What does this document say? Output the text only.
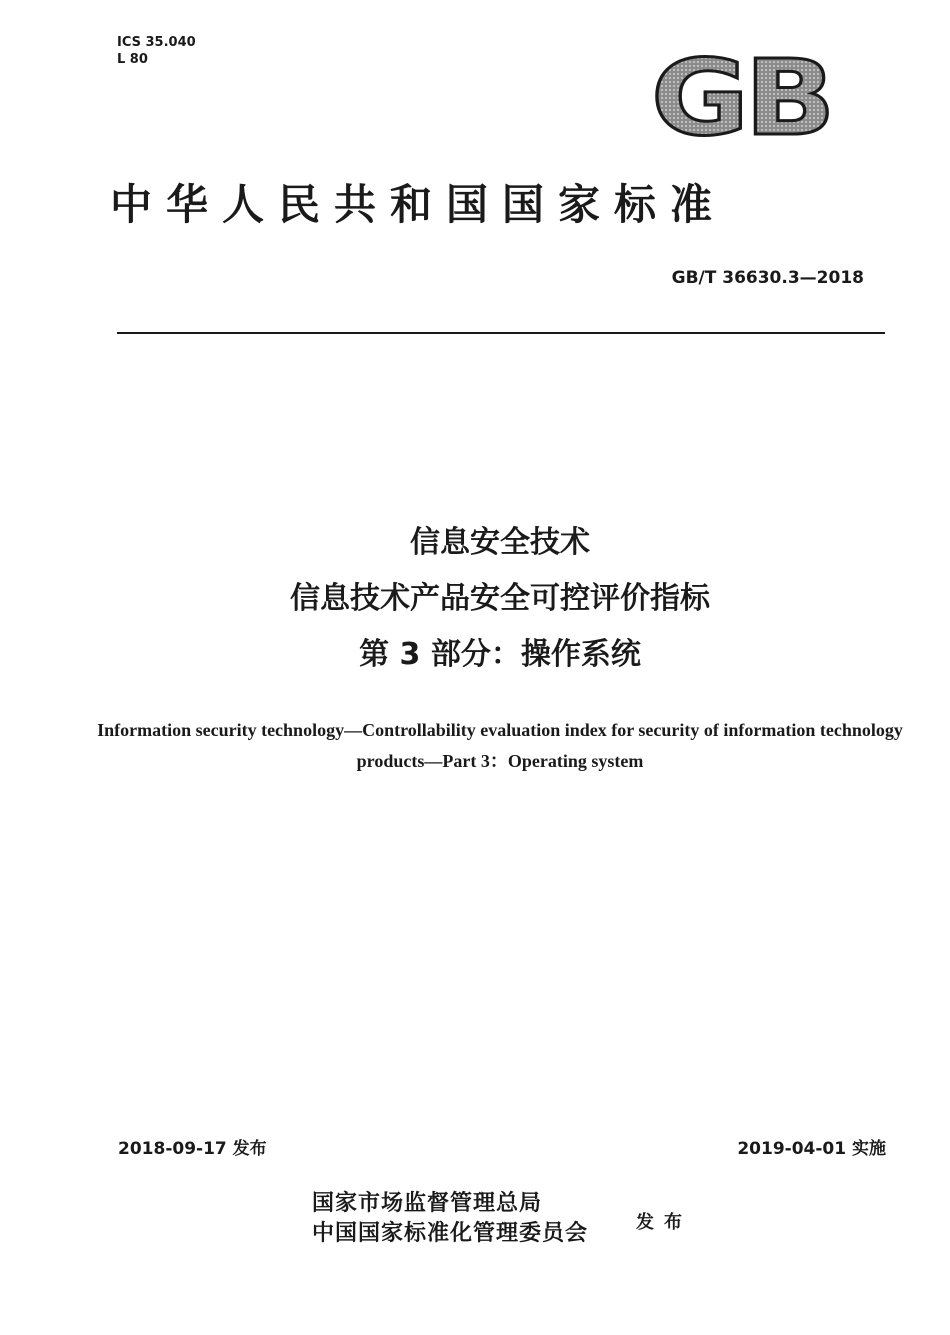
ICS 35.040
L 80	GB
中华人民共和国国家标准
GB/T 36630.3—2018
信息安全技术
信息技术产品安全可控评价指标
第 3 部分：操作系统
Information security technology—Controllability evaluation index for security of information technology products—Part 3：Operating system
2018-09-17 发布	2019-04-01 实施
国家市场监督管理总局
中国国家标准化管理委员会	发布
